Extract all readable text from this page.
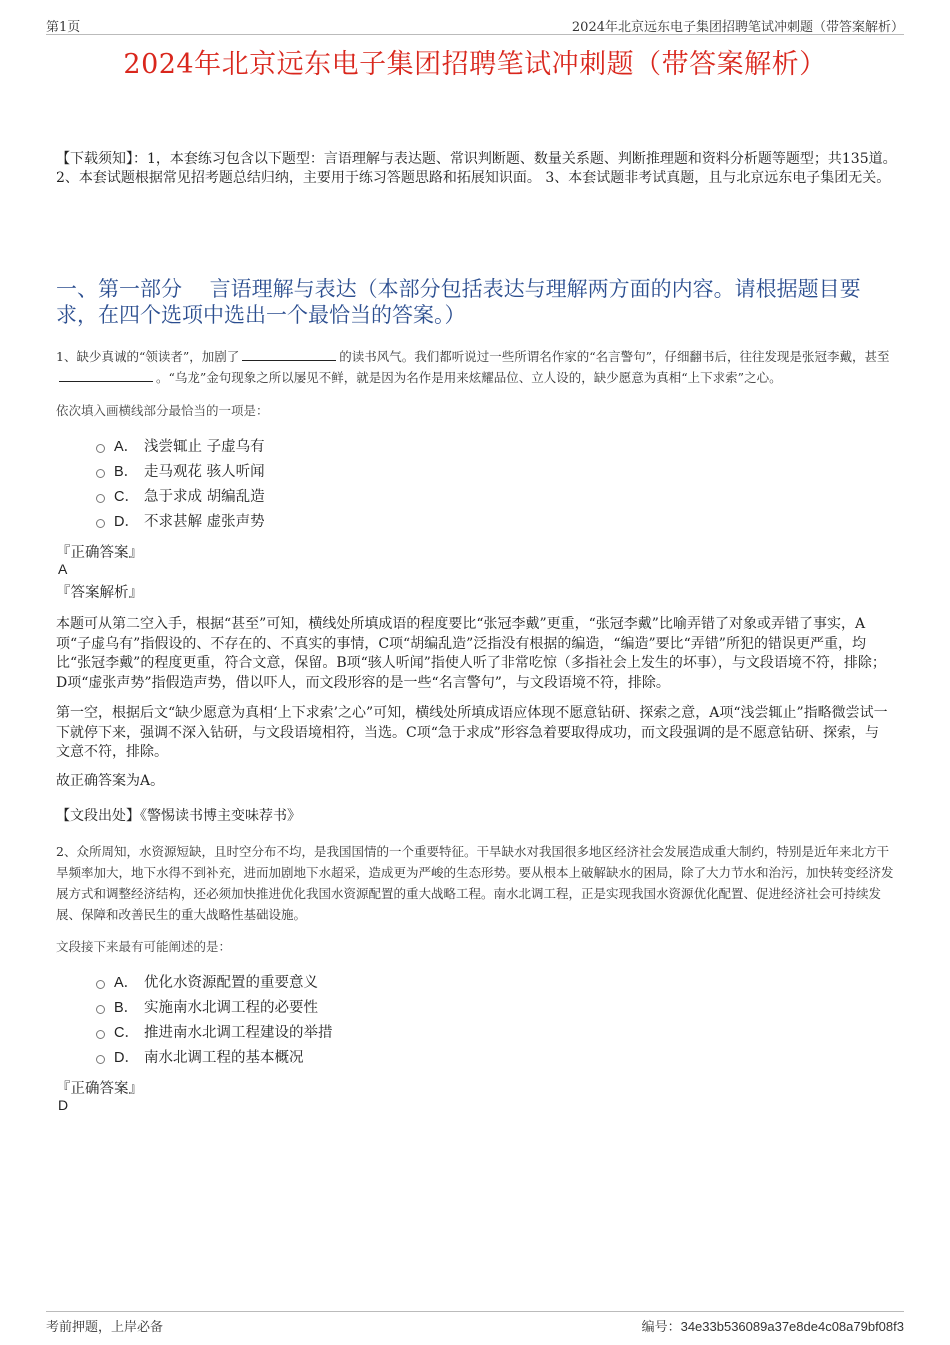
第1页	2024年北京远东电子集团招聘笔试冲刺题（带答案解析）
2024年北京远东电子集团招聘笔试冲刺题（带答案解析）
【下载须知】：1，本套练习包含以下题型：言语理解与表达题、常识判断题、数量关系题、判断推理题和资料分析题等题型；共135道。 2、本套试题根据常见招考题总结归纳，主要用于练习答题思路和拓展知识面。 3、本套试题非考试真题，且与北京远东电子集团无关。
一、第一部分　 言语理解与表达（本部分包括表达与理解两方面的内容。请根据题目要求，在四个选项中选出一个最恰当的答案。）
1、缺少真诚的“领读者”，加剧了	的读书风气。我们都听说过一些所谓名作家的“名言警句”，仔细翻书后，往往发现是张冠李戴，甚至。“乌龙”金句现象之所以屡见不鲜，就是因为名作是用来炫耀品位、立人设的，缺少愿意为真相“上下求索”之心。
依次填入画横线部分最恰当的一项是：
A． 浅尝辄止 子虚乌有
B． 走马观花 骇人听闻
C． 急于求成 胡编乱造
D． 不求甚解 虚张声势
『正确答案』
A
『答案解析』
本题可从第二空入手，根据“甚至”可知，横线处所填成语的程度要比“张冠李戴”更重，“张冠李戴”比喻弄错了对象或弄错了事实，A项“子虚乌有”指假设的、不存在的、不真实的事情，C项“胡编乱造”泛指没有根据的编造，“编造”要比“弄错”所犯的错误更严重，均比“张冠李戴”的程度更重，符合文意，保留。B项“骇人听闻”指使人听了非常吃惊（多指社会上发生的坏事），与文段语境不符，排除；D项“虚张声势”指假造声势，借以吓人，而文段形容的是一些“名言警句”，与文段语境不符，排除。
第一空，根据后文“缺少愿意为真相‘上下求索’之心”可知，横线处所填成语应体现不愿意钻研、探索之意，A项“浅尝辄止”指略微尝试一下就停下来，强调不深入钻研，与文段语境相符，当选。C项“急于求成”形容急着要取得成功，而文段强调的是不愿意钻研、探索，与文意不符，排除。
故正确答案为A。
【文段出处】《警惕读书博主变味荐书》
2、众所周知，水资源短缺，且时空分布不均，是我国国情的一个重要特征。干旱缺水对我国很多地区经济社会发展造成重大制约，特别是近年来北方干旱频率加大，地下水得不到补充，进而加剧地下水超采，造成更为严峻的生态形势。要从根本上破解缺水的困局，除了大力节水和治污，加快转变经济发展方式和调整经济结构，还必须加快推进优化我国水资源配置的重大战略工程。南水北调工程，正是实现我国水资源优化配置、促进经济社会可持续发展、保障和改善民生的重大战略性基础设施。
文段接下来最有可能阐述的是：
A． 优化水资源配置的重要意义
B． 实施南水北调工程的必要性
C． 推进南水北调工程建设的举措
D． 南水北调工程的基本概况
『正确答案』
D
考前押题，上岸必备	编号：34e33b536089a37e8de4c08a79bf08f3
